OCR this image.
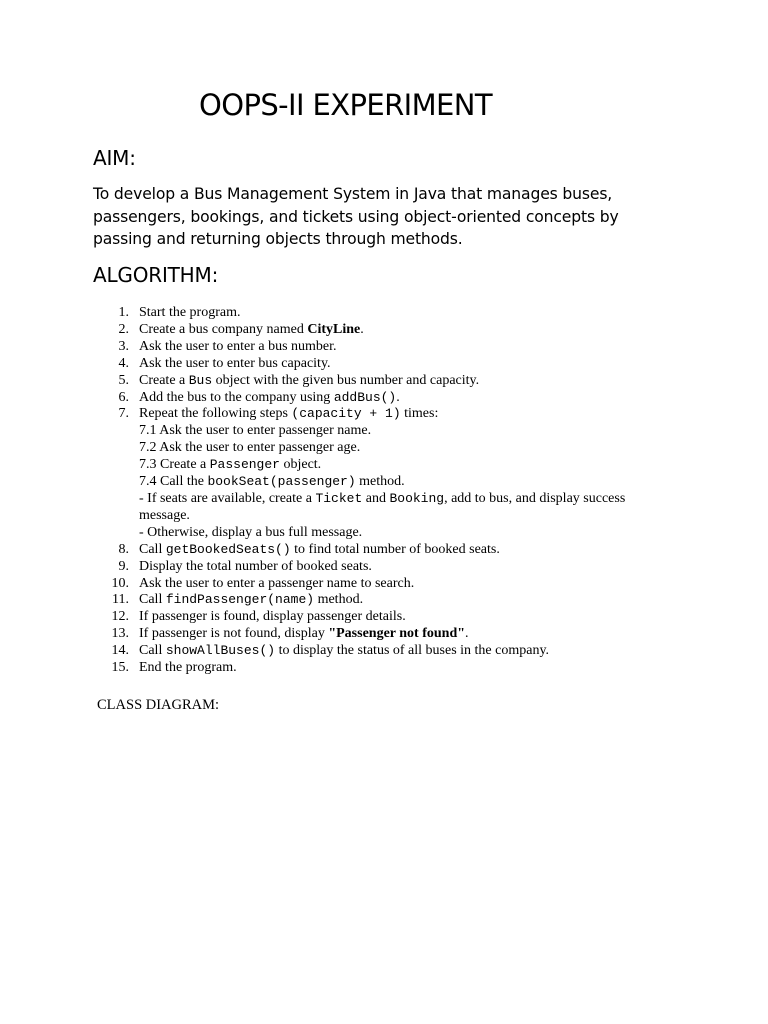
OOPS-II EXPERIMENT
AIM:

To develop a Bus Management System in Java that manages buses, passengers, bookings, and tickets using object-oriented concepts by passing and returning objects through methods.

ALGORITHM:
1. Start the program.
2. Create a bus company named CityLine.
3. Ask the user to enter a bus number.
4. Ask the user to enter bus capacity.
5. Create a Bus object with the given bus number and capacity.
6. Add the bus to the company using addBus().
7. Repeat the following steps (capacity + 1) times:
7.1 Ask the user to enter passenger name.
7.2 Ask the user to enter passenger age.
7.3 Create a Passenger object.
7.4 Call the bookSeat(passenger) method.
- If seats are available, create a Ticket and Booking, add to bus, and display success message.
- Otherwise, display a bus full message.
8. Call getBookedSeats() to find total number of booked seats.
9. Display the total number of booked seats.
10. Ask the user to enter a passenger name to search.
11. Call findPassenger(name) method.
12. If passenger is found, display passenger details.
13. If passenger is not found, display "Passenger not found".
14. Call showAllBuses() to display the status of all buses in the company.
15. End the program.
CLASS DIAGRAM:
